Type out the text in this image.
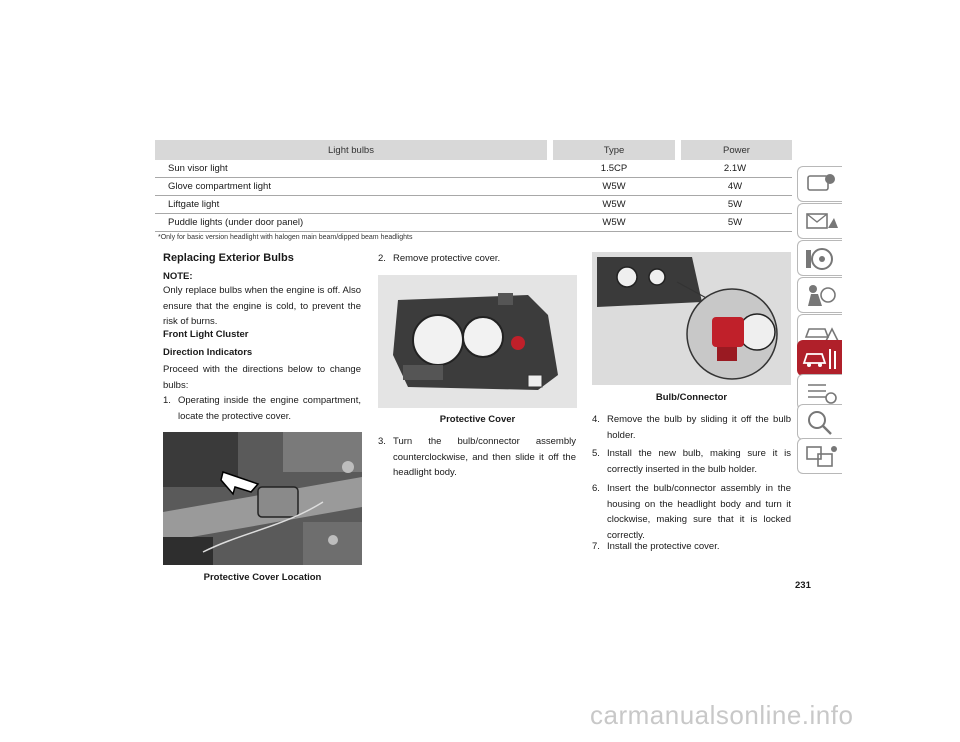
Light bulbs	Type	Power
Sun visor light	1.5CP	2.1W
Glove compartment light	W5W	4W
Liftgate light	W5W	5W
Puddle lights (under door panel)	W5W	5W
*Only for basic version headlight with halogen main beam/dipped beam headlights
Replacing Exterior Bulbs
NOTE:
Only replace bulbs when the engine is off. Also ensure that the engine is cold, to prevent the risk of burns.
Front Light Cluster
Direction Indicators
Proceed with the directions below to change bulbs:
1. Operating inside the engine compartment, locate the protective cover.
Protective Cover Location
2. Remove protective cover.
Protective Cover
3. Turn the bulb/connector assembly counterclockwise, and then slide it off the headlight body.
Bulb/Connector
4. Remove the bulb by sliding it off the bulb holder.
5. Install the new bulb, making sure it is correctly inserted in the bulb holder.
6. Insert the bulb/connector assembly in the housing on the headlight body and turn it clockwise, making sure that it is locked correctly.
7. Install the protective cover.
231
carmanualsonline.info
